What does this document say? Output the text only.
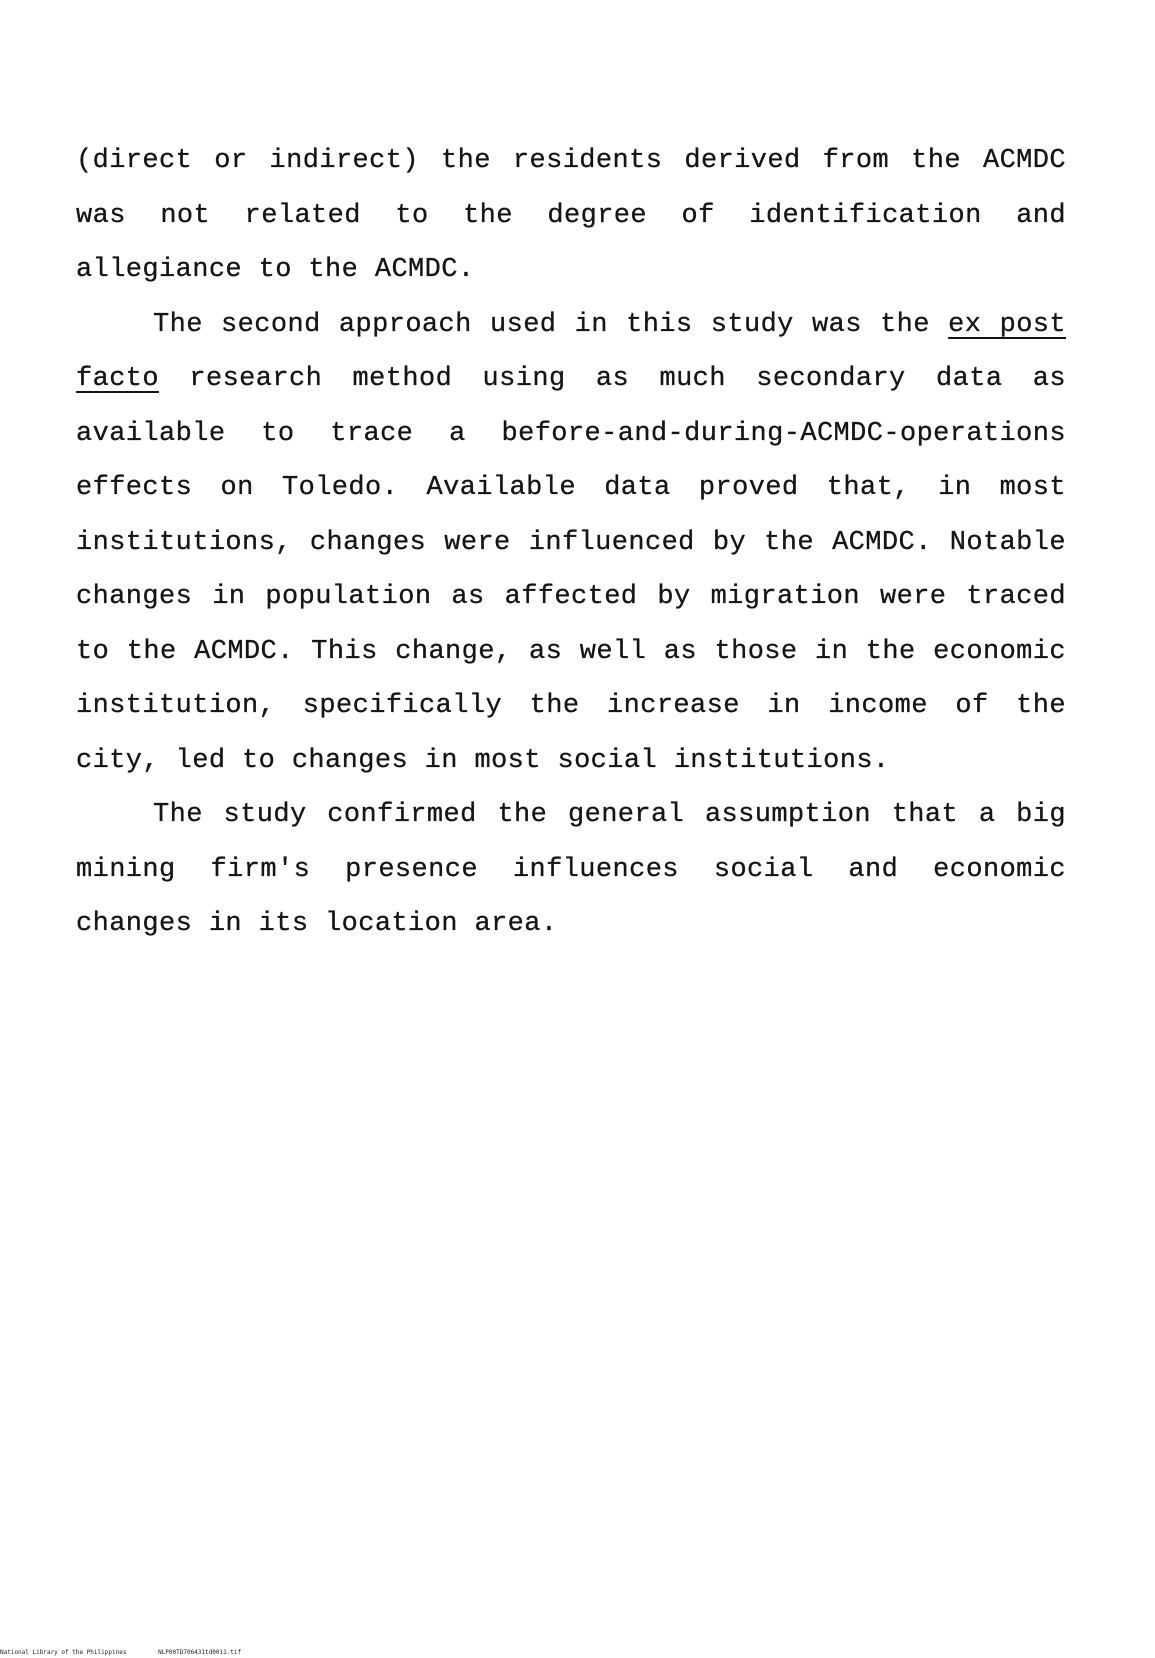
(direct or indirect) the residents derived from the ACMDC was not related to the degree of identification and allegiance to the ACMDC.

The second approach used in this study was the ex post facto research method using as much secondary data as available to trace a before-and-during-ACMDC-operations effects on Toledo. Available data proved that, in most institutions, changes were influenced by the ACMDC. Notable changes in population as affected by migration were traced to the ACMDC. This change, as well as those in the economic institution, specifically the increase in income of the city, led to changes in most social institutions.

The study confirmed the general assumption that a big mining firm's presence influences social and economic changes in its location area.

National Library of the Philippines	NLP00TD706431td0011.tif
